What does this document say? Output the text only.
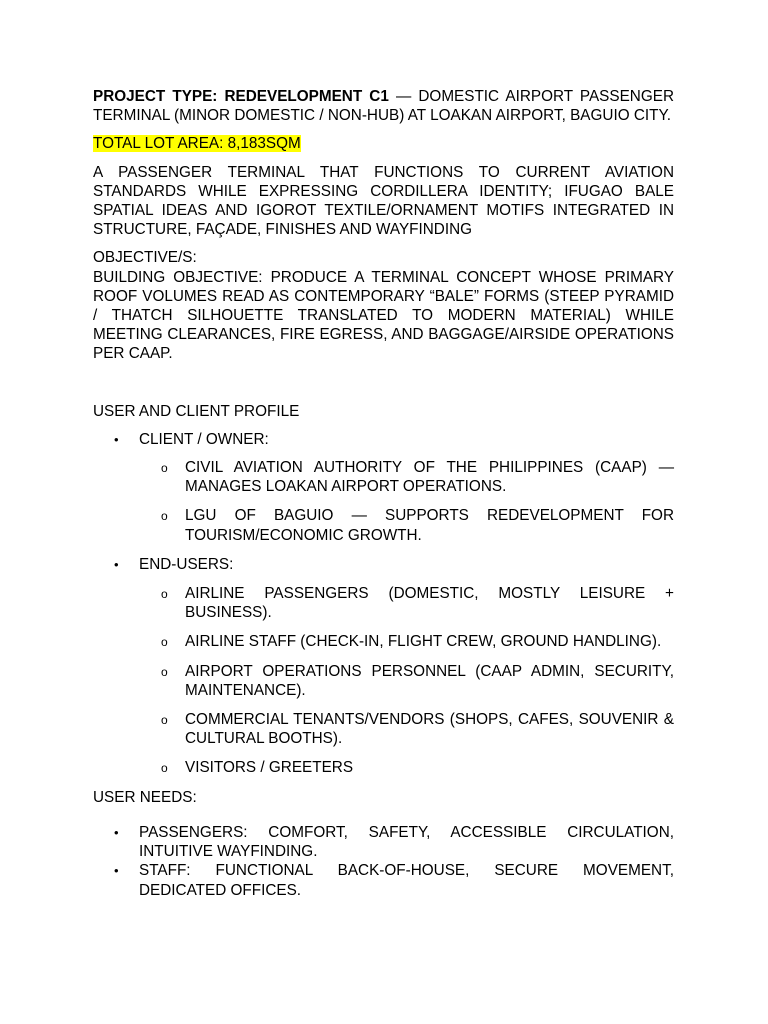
PROJECT TYPE: REDEVELOPMENT C1 — DOMESTIC AIRPORT PASSENGER TERMINAL (MINOR DOMESTIC / NON-HUB) AT LOAKAN AIRPORT, BAGUIO CITY.

TOTAL LOT AREA: 8,183SQM

A PASSENGER TERMINAL THAT FUNCTIONS TO CURRENT AVIATION STANDARDS WHILE EXPRESSING CORDILLERA IDENTITY; IFUGAO BALE SPATIAL IDEAS AND IGOROT TEXTILE/ORNAMENT MOTIFS INTEGRATED IN STRUCTURE, FAÇADE, FINISHES AND WAYFINDING

OBJECTIVE/S:

BUILDING OBJECTIVE: PRODUCE A TERMINAL CONCEPT WHOSE PRIMARY ROOF VOLUMES READ AS CONTEMPORARY “BALE” FORMS (STEEP PYRAMID / THATCH SILHOUETTE TRANSLATED TO MODERN MATERIAL) WHILE MEETING CLEARANCES, FIRE EGRESS, AND BAGGAGE/AIRSIDE OPERATIONS PER CAAP.

USER AND CLIENT PROFILE

• CLIENT / OWNER:
o CIVIL AVIATION AUTHORITY OF THE PHILIPPINES (CAAP) — MANAGES LOAKAN AIRPORT OPERATIONS.
o LGU OF BAGUIO — SUPPORTS REDEVELOPMENT FOR TOURISM/ECONOMIC GROWTH.
• END-USERS:
o AIRLINE PASSENGERS (DOMESTIC, MOSTLY LEISURE + BUSINESS).
o AIRLINE STAFF (CHECK-IN, FLIGHT CREW, GROUND HANDLING).
o AIRPORT OPERATIONS PERSONNEL (CAAP ADMIN, SECURITY, MAINTENANCE).
o COMMERCIAL TENANTS/VENDORS (SHOPS, CAFES, SOUVENIR & CULTURAL BOOTHS).
o VISITORS / GREETERS

USER NEEDS:

• PASSENGERS: COMFORT, SAFETY, ACCESSIBLE CIRCULATION, INTUITIVE WAYFINDING.
• STAFF: FUNCTIONAL BACK-OF-HOUSE, SECURE MOVEMENT, DEDICATED OFFICES.
